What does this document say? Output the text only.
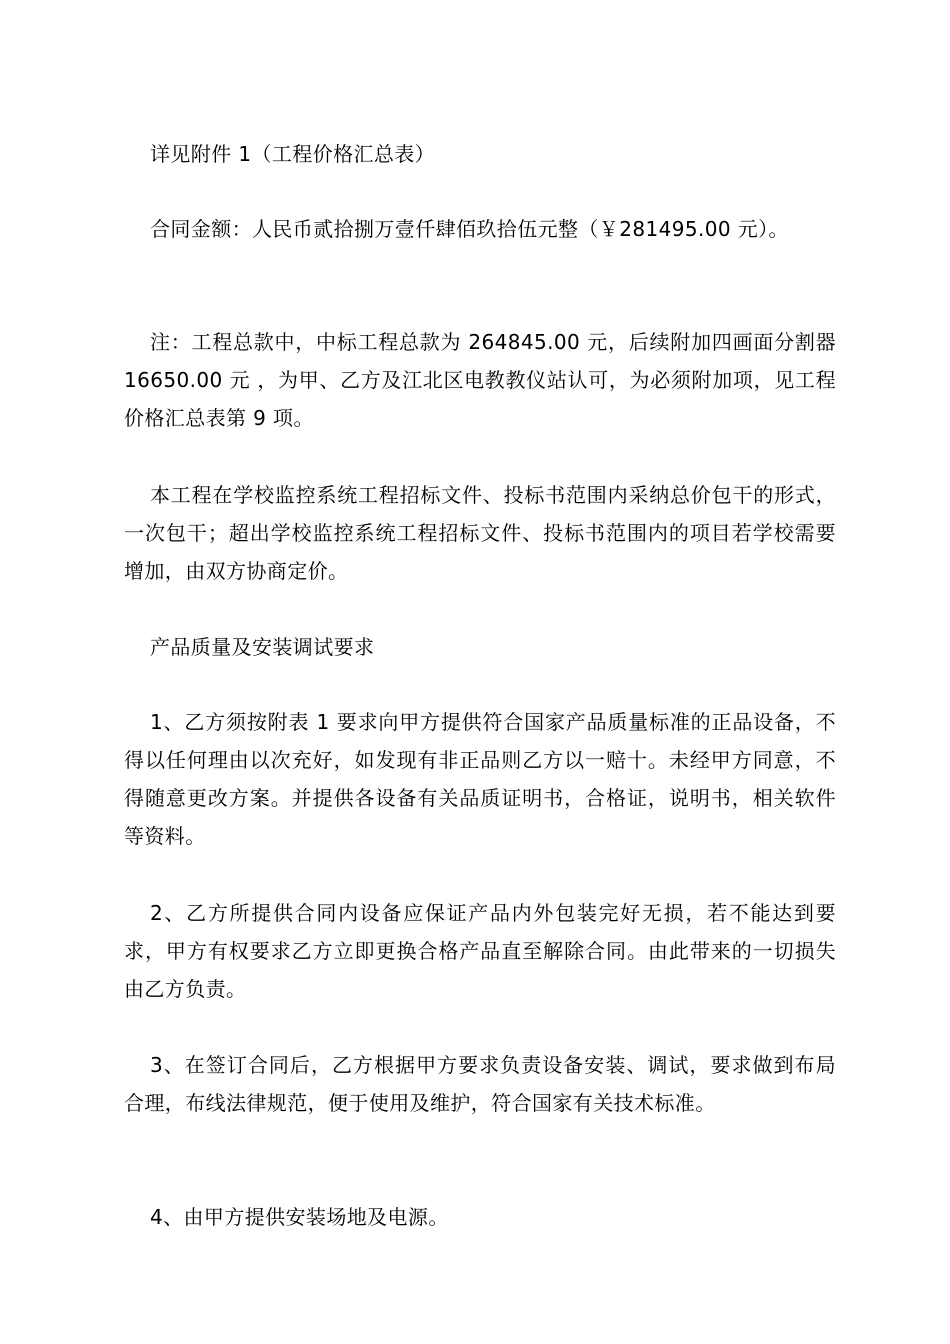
详见附件 1（工程价格汇总表）

合同金额：人民币贰拾捌万壹仟肆佰玖拾伍元整（￥281495.00 元）。

注：工程总款中，中标工程总款为 264845.00 元，后续附加四画面分割器 16650.00 元 ，为甲、乙方及江北区电教教仪站认可，为必须附加项，见工程价格汇总表第 9 项。

本工程在学校监控系统工程招标文件、投标书范围内采纳总价包干的形式，一次包干；超出学校监控系统工程招标文件、投标书范围内的项目若学校需要增加，由双方协商定价。

产品质量及安装调试要求

1、乙方须按附表 1 要求向甲方提供符合国家产品质量标准的正品设备，不得以任何理由以次充好，如发现有非正品则乙方以一赔十。未经甲方同意，不得随意更改方案。并提供各设备有关品质证明书，合格证，说明书，相关软件等资料。

2、乙方所提供合同内设备应保证产品内外包装完好无损，若不能达到要求，甲方有权要求乙方立即更换合格产品直至解除合同。由此带来的一切损失由乙方负责。

3、在签订合同后，乙方根据甲方要求负责设备安装、调试，要求做到布局合理，布线法律规范，便于使用及维护，符合国家有关技术标准。

4、由甲方提供安装场地及电源。
